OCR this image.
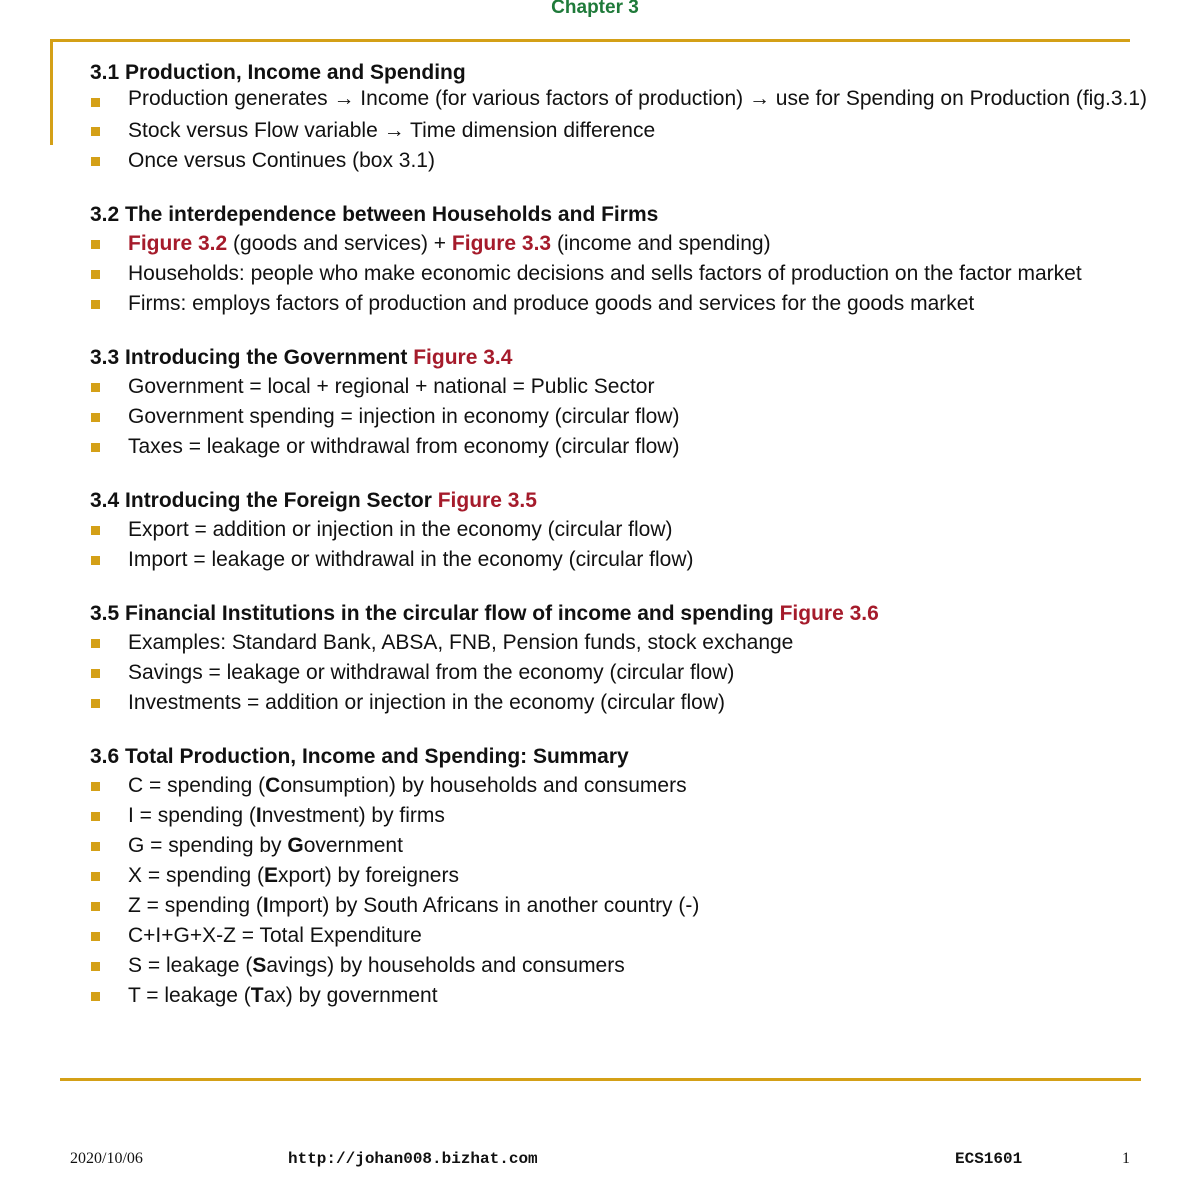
Chapter 3
3.1 Production, Income and Spending
Production generates → Income (for various factors of production) → use for Spending on Production (fig.3.1)
Stock versus Flow variable → Time dimension difference
Once versus Continues (box 3.1)
3.2 The interdependence between Households and Firms
Figure 3.2 (goods and services) + Figure 3.3 (income and spending)
Households: people who make economic decisions and sells factors of production on the factor market
Firms: employs factors of production and produce goods and services for the goods market
3.3 Introducing the Government Figure 3.4
Government = local + regional + national = Public Sector
Government spending = injection in economy (circular flow)
Taxes = leakage or withdrawal from economy (circular flow)
3.4 Introducing the Foreign Sector Figure 3.5
Export = addition or injection in the economy (circular flow)
Import = leakage or withdrawal in the economy (circular flow)
3.5 Financial Institutions in the circular flow of income and spending Figure 3.6
Examples: Standard Bank, ABSA, FNB, Pension funds, stock exchange
Savings = leakage or withdrawal from the economy (circular flow)
Investments = addition or injection in the economy (circular flow)
3.6 Total Production, Income and Spending: Summary
C = spending (Consumption) by households and consumers
I = spending (Investment) by firms
G = spending by Government
X = spending (Export) by foreigners
Z = spending (Import) by South Africans in another country (-)
C+I+G+X-Z = Total Expenditure
S = leakage (Savings) by households and consumers
T = leakage (Tax) by government
2020/10/06	http://johan008.bizhat.com	ECS1601	1
